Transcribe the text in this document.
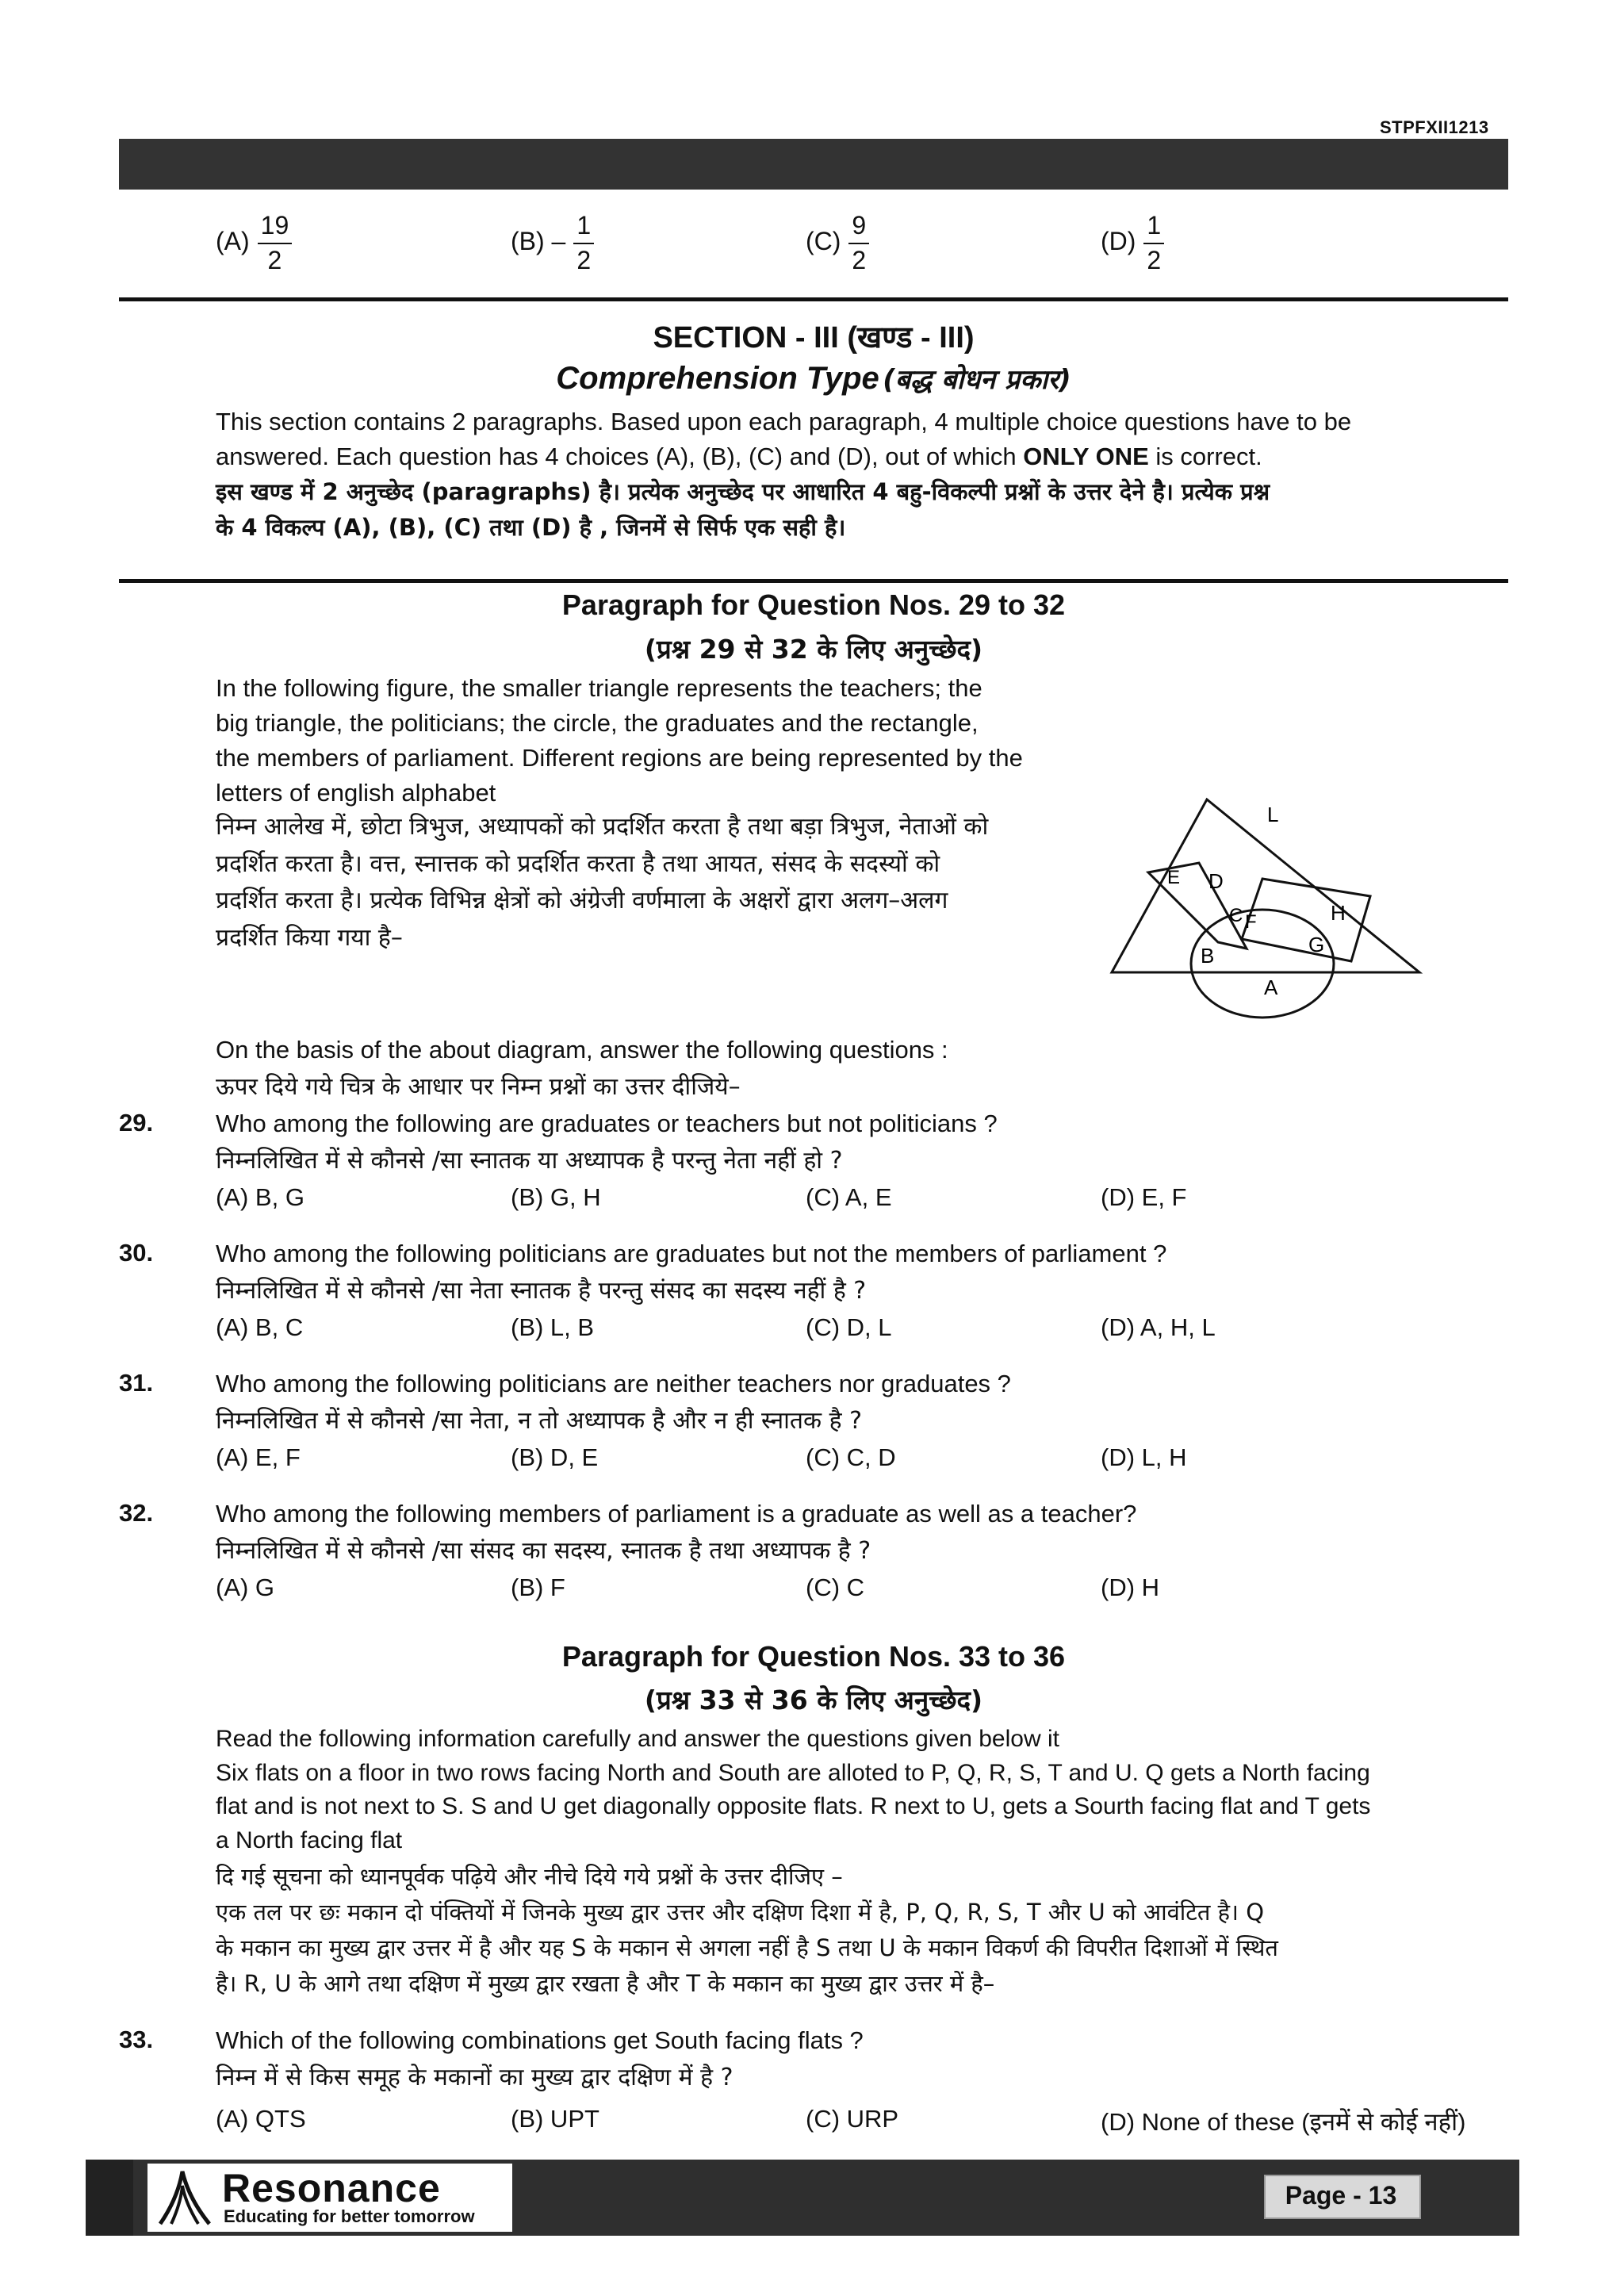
STPFXII1213
$(A) \frac{19}{2}$	$(B) - \frac{1}{2}$	$(C) \frac{9}{2}$	$(D) \frac{1}{2}$
SECTION - III (खण्ड - III)
Comprehension Type (बद्ध बोधन प्रकार)
This section contains 2 paragraphs. Based upon each paragraph, 4 multiple choice questions have to be
answered. Each question has 4 choices (A), (B), (C) and (D), out of which ONLY ONE is correct.
इस खण्ड में 2 अनुच्छेद (paragraphs) है। प्रत्येक अनुच्छेद पर आधारित 4 बहु-विकल्पी प्रश्नों के उत्तर देने है। प्रत्येक प्रश्न
के 4 विकल्प (A), (B), (C) तथा (D) है , जिनमें से सिर्फ एक सही है।
Paragraph for Question Nos. 29 to 32
(प्रश्न 29 से 32 के लिए अनुच्छेद)
In the following figure, the smaller triangle represents the teachers; the
big triangle, the politicians; the circle, the graduates and the rectangle,
the members of parliament. Different regions are being represented by the
letters of english alphabet
निम्न आलेख में, छोटा त्रिभुज, अध्यापकों को प्रदर्शित करता है तथा बड़ा त्रिभुज, नेताओं को
प्रदर्शित करता है। वत्त, स्नात्तक को प्रदर्शित करता है तथा आयत, संसद के सदस्यों को
प्रदर्शित करता है। प्रत्येक विभिन्न क्षेत्रों को अंग्रेजी वर्णमाला के अक्षरों द्वारा अलग–अलग
प्रदर्शित किया गया है–
L
E D
C F	H
G
B
A
On the basis of the about diagram, answer the following questions :
ऊपर दिये गये चित्र के आधार पर निम्न प्रश्नों का उत्तर दीजिये–
29.	Who among the following are graduates or teachers but not politicians ?
निम्नलिखित में से कौनसे /सा स्नातक या अध्यापक है परन्तु नेता नहीं हो ?
(A) B, G	(B) G, H	(C) A, E	(D) E, F
30.	Who among the following politicians are graduates but not the members of parliament ?
निम्नलिखित में से कौनसे /सा नेता स्नातक है परन्तु संसद का सदस्य नहीं है ?
(A) B, C	(B) L, B	(C) D, L	(D) A, H, L
31.	Who among the following politicians are neither teachers nor graduates ?
निम्नलिखित में से कौनसे /सा नेता, न तो अध्यापक है और न ही स्नातक है ?
(A) E, F	(B) D, E	(C) C, D	(D) L, H
32.	Who among the following members of parliament is a graduate as well as a teacher?
निम्नलिखित में से कौनसे /सा संसद का सदस्य, स्नातक है तथा अध्यापक है ?
(A) G	(B) F	(C) C	(D) H
Paragraph for Question Nos. 33 to 36
(प्रश्न 33 से 36 के लिए अनुच्छेद)
Read the following information carefully and answer the questions given below it
Six flats on a floor in two rows facing North and South are alloted to P, Q, R, S, T and U. Q gets a North facing
flat and is not next to S. S and U get diagonally opposite flats. R next to U, gets a Sourth facing flat and T gets
a North facing flat
दि गई सूचना को ध्यानपूर्वक पढ़िये और नीचे दिये गये प्रश्नों के उत्तर दीजिए –
एक तल पर छः मकान दो पंक्तियों में जिनके मुख्य द्वार उत्तर और दक्षिण दिशा में है, P, Q, R, S, T और U को आवंटित है। Q
के मकान का मुख्य द्वार उत्तर में है और यह S के मकान से अगला नहीं है S तथा U के मकान विकर्ण की विपरीत दिशाओं में स्थित
है। R, U के आगे तथा दक्षिण में मुख्य द्वार रखता है और T के मकान का मुख्य द्वार उत्तर में है–
33.	Which of the following combinations get South facing flats ?
निम्न में से किस समूह के मकानों का मुख्य द्वार दक्षिण में है ?
(A) QTS	(B) UPT	(C) URP	(D) None of these (इनमें से कोई नहीं)
Resonance
Educating for better tomorrow
Page - 13
